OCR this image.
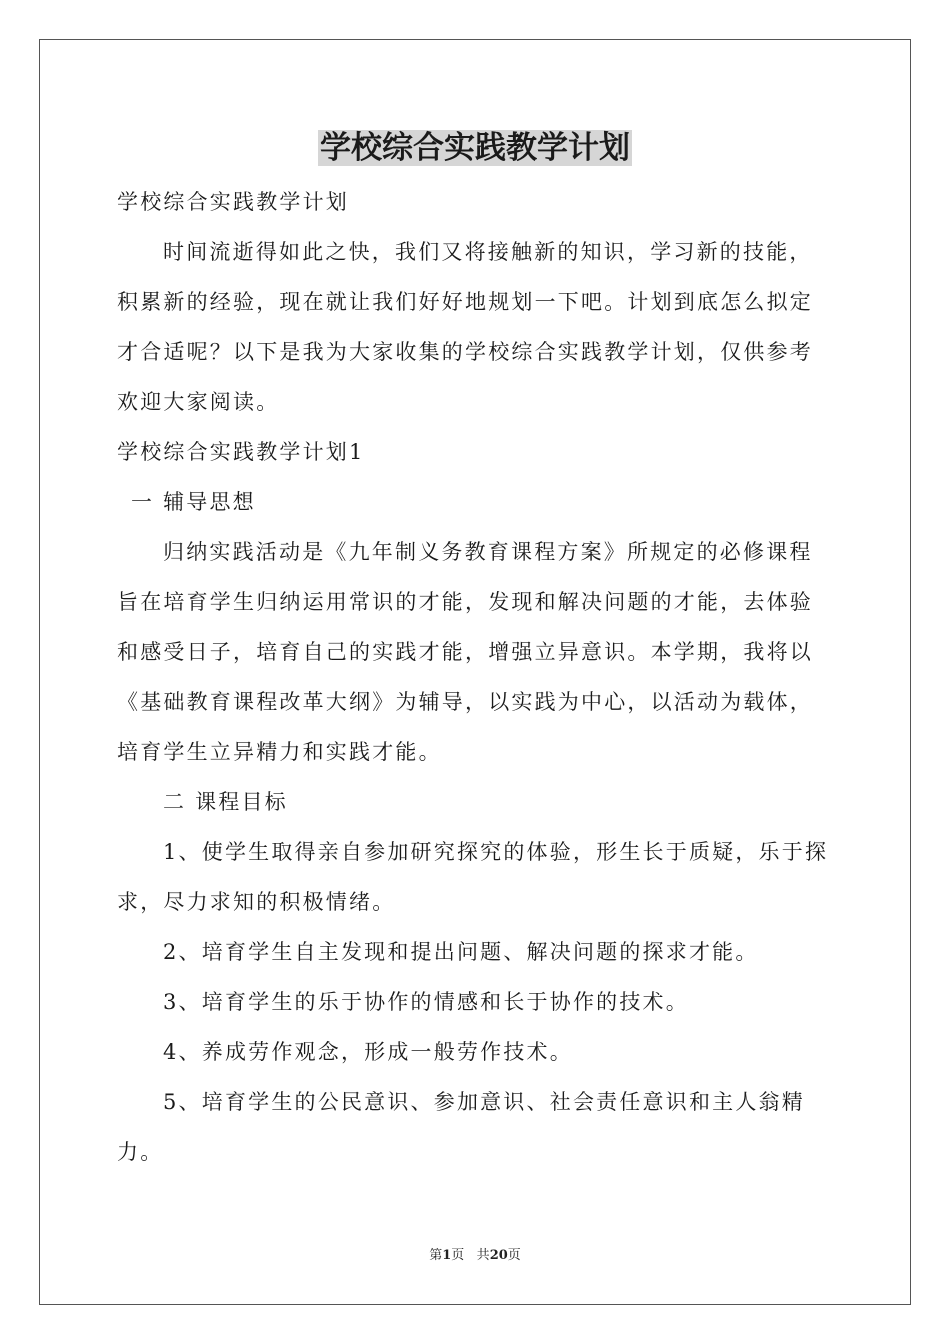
学校综合实践教学计划

学校综合实践教学计划

时间流逝得如此之快，我们又将接触新的知识，学习新的技能，积累新的经验，现在就让我们好好地规划一下吧。计划到底怎么拟定才合适呢？以下是我为大家收集的学校综合实践教学计划，仅供参考欢迎大家阅读。

学校综合实践教学计划1

一 辅导思想

归纳实践活动是《九年制义务教育课程方案》所规定的必修课程旨在培育学生归纳运用常识的才能，发现和解决问题的才能，去体验和感受日子，培育自己的实践才能，增强立异意识。本学期，我将以《基础教育课程改革大纲》为辅导，以实践为中心，以活动为载体，培育学生立异精力和实践才能。

二 课程目标

1、使学生取得亲自参加研究探究的体验，形生长于质疑，乐于探求，尽力求知的积极情绪。

2、培育学生自主发现和提出问题、解决问题的探求才能。

3、培育学生的乐于协作的情感和长于协作的技术。

4、养成劳作观念，形成一般劳作技术。

5、培育学生的公民意识、参加意识、社会责任意识和主人翁精力。

第1页 共20页
